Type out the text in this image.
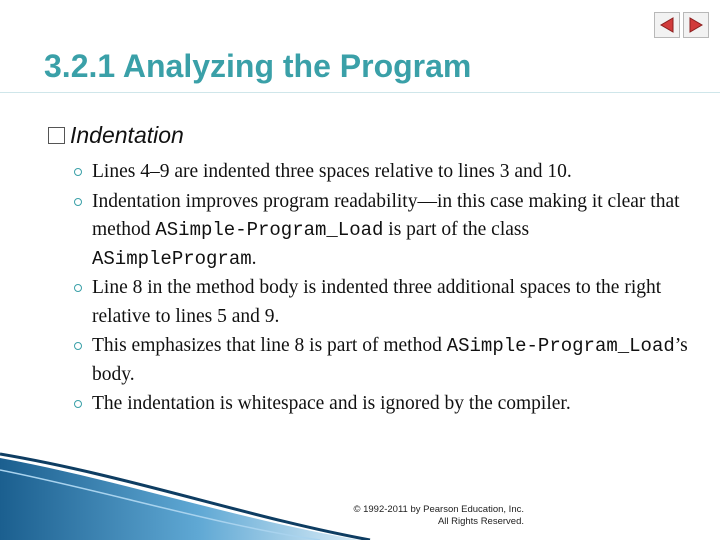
3.2.1 Analyzing the Program
Indentation
Lines 4–9 are indented three spaces relative to lines 3 and 10.
Indentation improves program readability—in this case making it clear that method ASimple-Program_Load is part of the class ASimpleProgram.
Line 8 in the method body is indented three additional spaces to the right relative to lines 5 and 9.
This emphasizes that line 8 is part of method ASimple-Program_Load’s body.
The indentation is whitespace and is ignored by the compiler.
© 1992-2011 by Pearson Education, Inc.
All Rights Reserved.
